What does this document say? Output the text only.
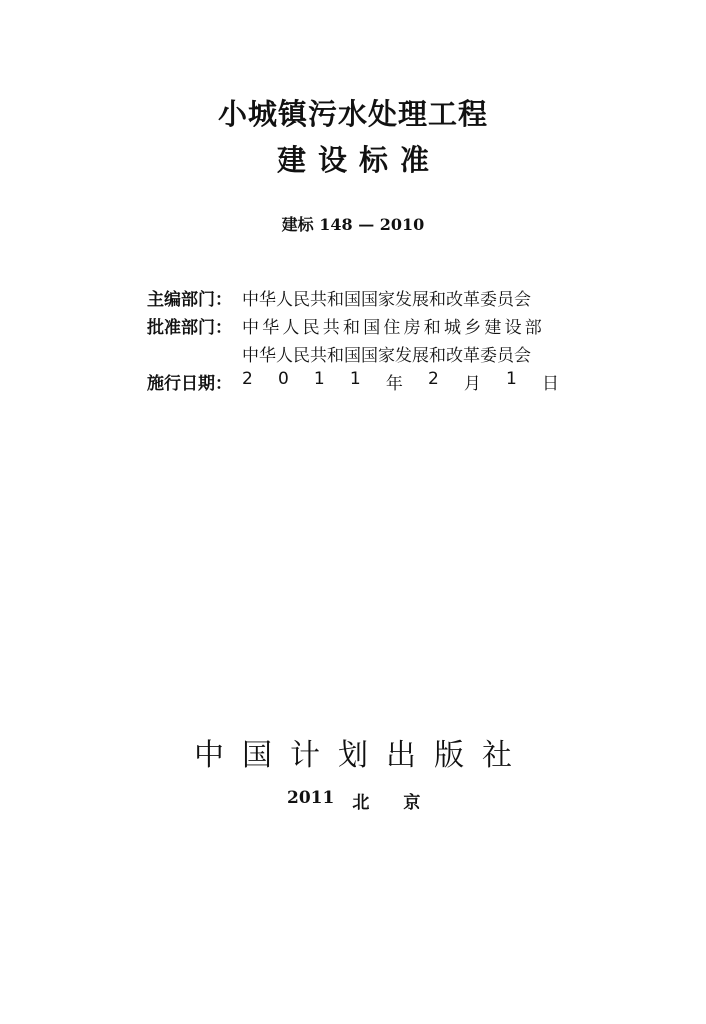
小城镇污水处理工程
建设标准
建标 148 — 2010
主编部门： 中华人民共和国国家发展和改革委员会
批准部门： 中华人民共和国住房和城乡建设部
中华人民共和国国家发展和改革委员会
施行日期： 2 0 1 1 年 2 月 1 日
中国计划出版社
2011 北京
